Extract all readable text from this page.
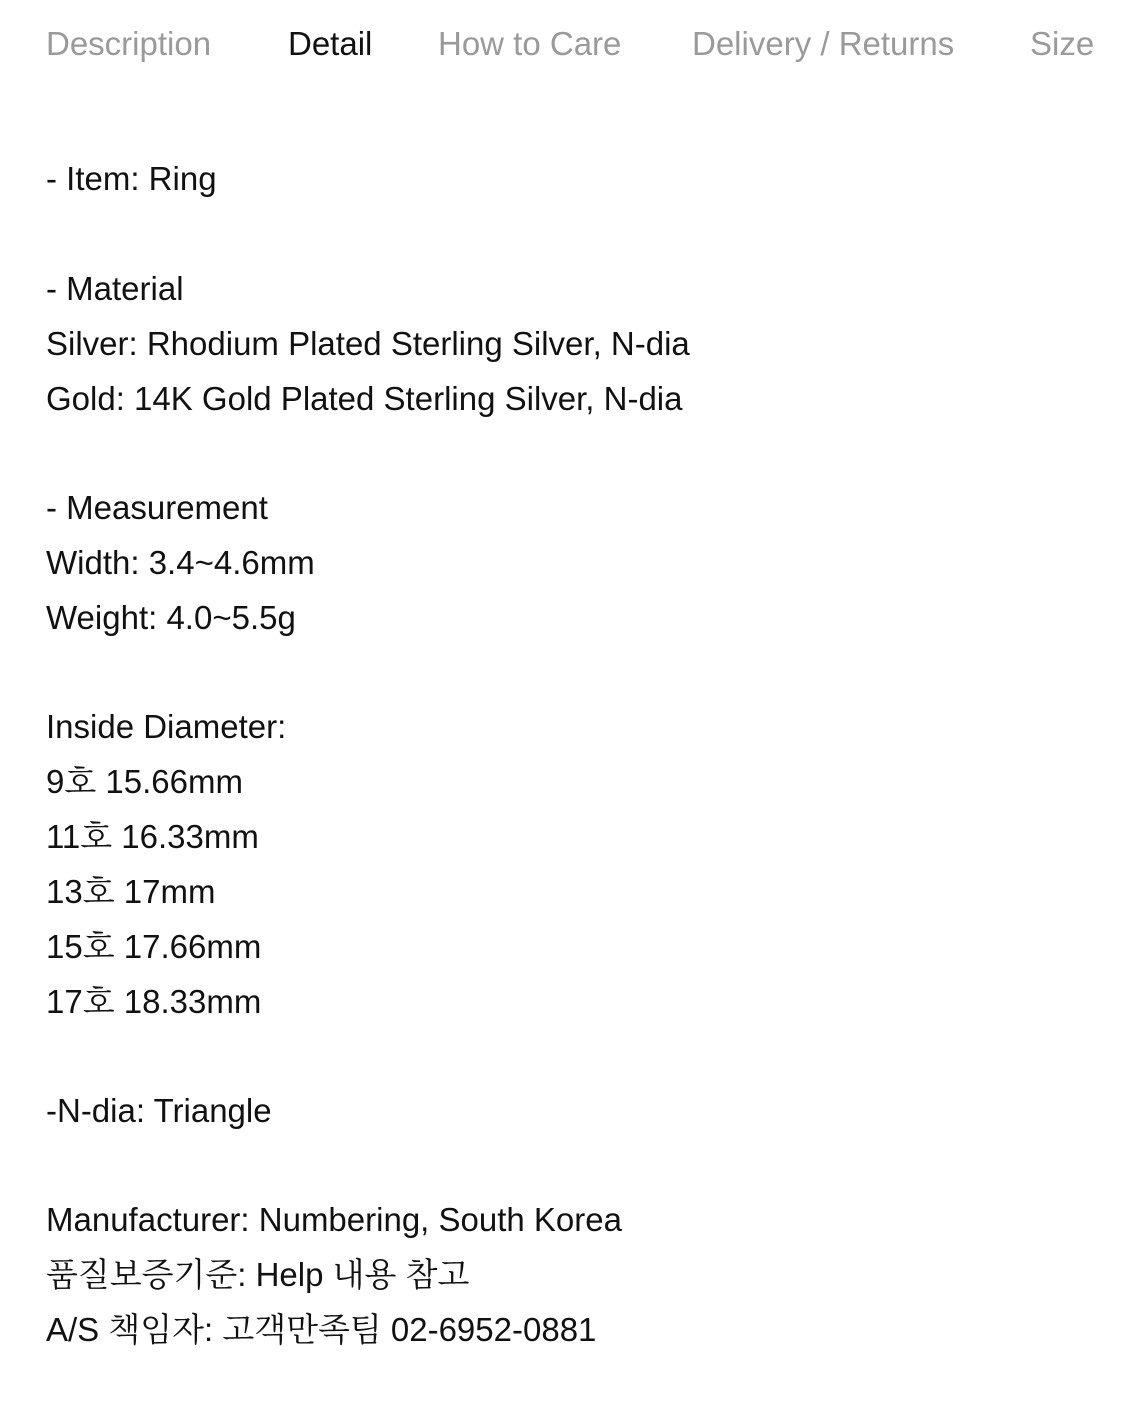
Description Detail How to Care Delivery / Returns Size
- Item: Ring
- Material
Silver: Rhodium Plated Sterling Silver, N-dia
Gold: 14K Gold Plated Sterling Silver, N-dia
- Measurement
Width: 3.4~4.6mm
Weight: 4.0~5.5g
Inside Diameter:
9호 15.66mm
11호 16.33mm
13호 17mm
15호 17.66mm
17호 18.33mm
-N-dia: Triangle
Manufacturer: Numbering, South Korea
품질보증기준: Help 내용 참고
A/S 책임자: 고객만족팀 02-6952-0881
